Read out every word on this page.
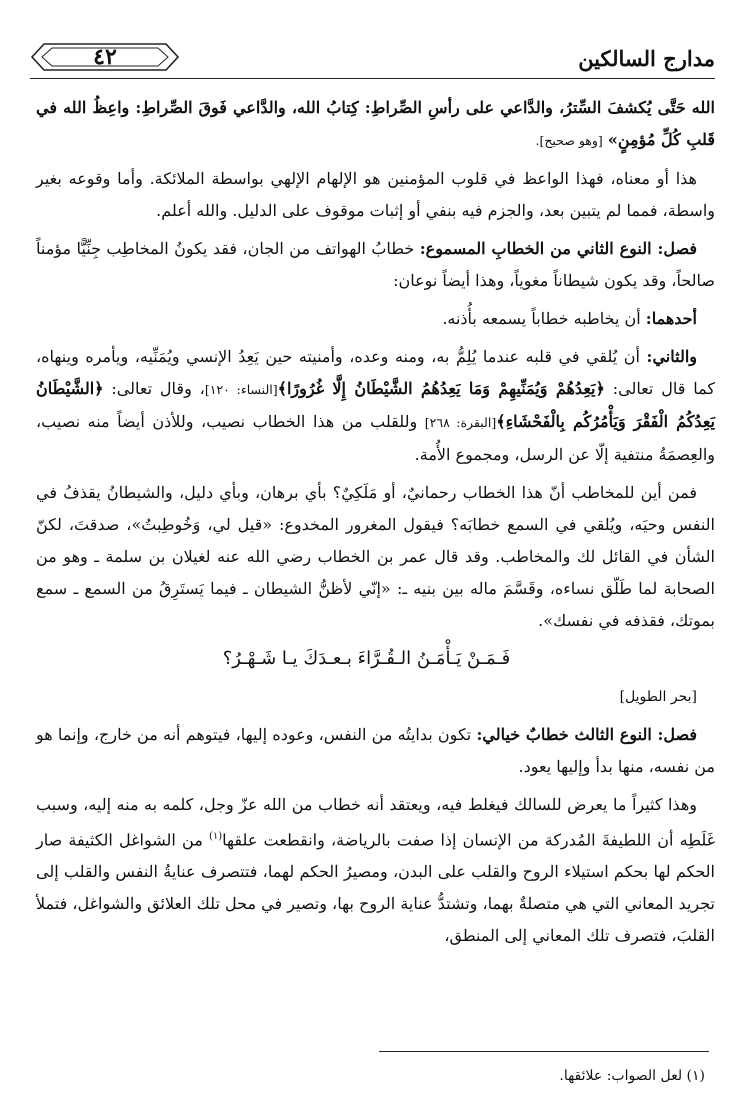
مدارج السالكين
٤٢

الله حَتَّى يُكشفَ السِّترُ، والدَّاعي على رأسِ الصِّراطِ: كِتابُ الله، والدَّاعي فَوقَ الصِّراطِ: واعِظُ الله في قَلبِ كُلِّ مُؤمِنٍ» [وهو صحيح].

هذا أو معناه، فهذا الواعظ في قلوب المؤمنين هو الإلهام الإلهي بواسطة الملائكة. وأما وقوعه بغير واسطة، فمما لم يتبين بعد، والجزم فيه بنفي أو إثبات موقوف على الدليل. والله أعلم.

فصل: النوع الثاني من الخطابِ المسموع: خطابُ الهواتف من الجان، فقد يكونُ المخاطِب جِنِّيًّا مؤمناً صالحاً، وقد يكون شيطاناً مغوياً، وهذا أيضاً نوعان:

أحدهما: أن يخاطبه خطاباً يسمعه بأُذنه.

والثاني: أن يُلقي في قلبه عندما يُلِمُّ به، ومنه وعده، وأمنيته حين يَعِدُ الإنسي ويُمَنِّيه، ويأمره وينهاه، كما قال تعالى: ﴿يَعِدُهُمْ وَيُمَنِّيهِمْ وَمَا يَعِدُهُمُ الشَّيْطَانُ إِلَّا غُرُورًا﴾[النساء: ١٢٠]، وقال تعالى: ﴿الشَّيْطَانُ يَعِدُكُمُ الْفَقْرَ وَيَأْمُرُكُم بِالْفَحْشَاءِ﴾[البقرة: ٢٦٨] وللقلب من هذا الخطاب نصيب، وللأذن أيضاً منه نصيب، والعِصمَةُ منتفية إلّا عن الرسل، ومجموع الأُمة.

فمن أين للمخاطب أنّ هذا الخطاب رحمانيٌ، أو مَلَكِيٌ؟ بأي برهان، وبأي دليل، والشيطانُ يقذفُ في النفس وحيَه، ويُلقي في السمع خطابَه؟ فيقول المغرور المخدوع: «قيل لي، وَخُوطِبتُ»، صدقتَ، لكنّ الشأن في القائل لك والمخاطب. وقد قال عمر بن الخطاب رضي الله عنه لغيلان بن سلمة ـ وهو من الصحابة لما طَلّق نساءه، وقَسَّمَ ماله بين بنيه ـ: «إنّي لأظنُّ الشيطان ـ فيما يَستَرِقُ من السمع ـ سمع بموتك، فقذفه في نفسك».

فَـمَـنْ يَـأْمَـنُ الـقُـرَّاءَ بـعـدَكَ يـا شَـهْـرُ؟

[بحر الطويل]

فصل: النوع الثالث خطابٌ خيالي: تكون بدايتُه من النفس، وعوده إليها، فيتوهم أنه من خارج، وإنما هو من نفسه، منها بدأ وإليها يعود.

وهذا كثيراً ما يعرض للسالك فيغلط فيه، ويعتقد أنه خطاب من الله عزّ وجل، كلمه به منه إليه، وسبب غَلَطِه أن اللطيفةَ المُدركة من الإنسان إذا صفت بالرياضة، وانقطعت علقها$^{(١)}$ من الشواغل الكثيفة صار الحكم لها بحكم استيلاء الروح والقلب على البدن، ومصيرُ الحكم لهما، فتتصرف عنايةُ النفس والقلب إلى تجريد المعاني التي هي متصلةٌ بهما، وتشتدُّ عناية الروح بها، وتصير في محل تلك العلائق والشواغل، فتملأ القلبَ، فتصرف تلك المعاني إلى المنطق،

(١) لعل الصواب: علائقها.
